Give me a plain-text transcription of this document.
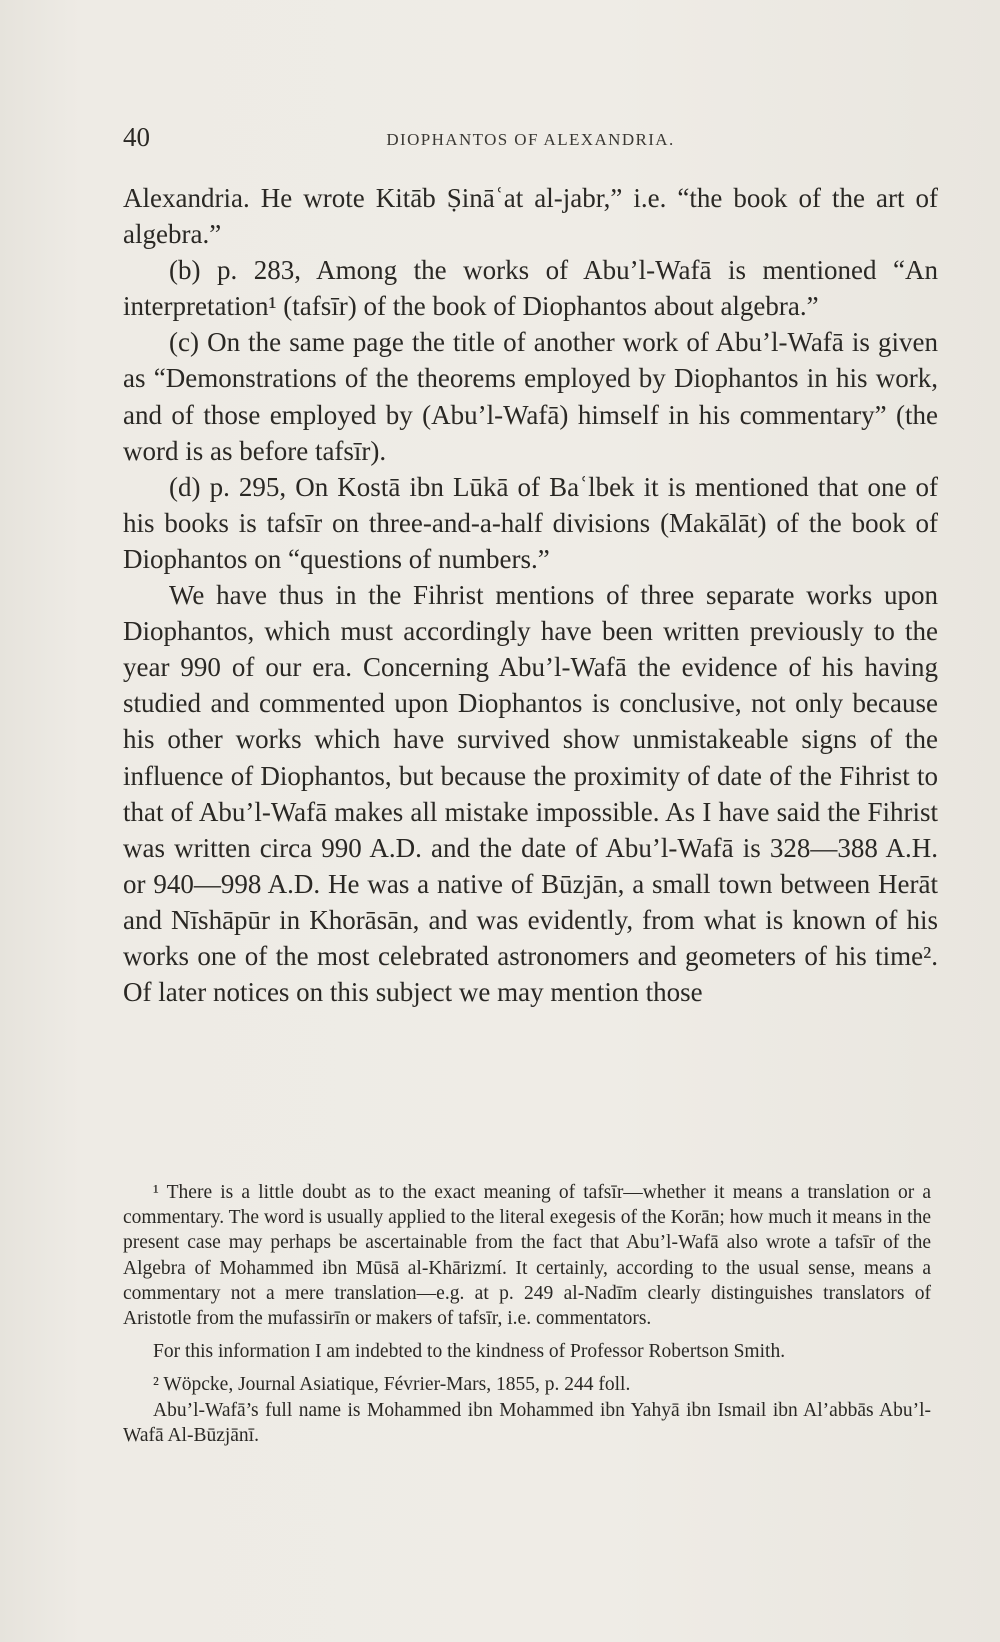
40	DIOPHANTOS OF ALEXANDRIA.

Alexandria. He wrote Kitāb Ṣināʿat al-jabr,” i.e. “the book of the art of algebra.”

(b) p. 283, Among the works of Abu’l-Wafā is mentioned “An interpretation¹ (tafsīr) of the book of Diophantos about algebra.”

(c) On the same page the title of another work of Abu’l-Wafā is given as “Demonstrations of the theorems employed by Diophantos in his work, and of those employed by (Abu’l-Wafā) himself in his commentary” (the word is as before tafsīr).

(d) p. 295, On Kostā ibn Lūkā of Baʿlbek it is mentioned that one of his books is tafsīr on three-and-a-half divisions (Makālāt) of the book of Diophantos on “questions of numbers.”

We have thus in the Fihrist mentions of three separate works upon Diophantos, which must accordingly have been written previously to the year 990 of our era. Concerning Abu’l-Wafā the evidence of his having studied and commented upon Diophantos is conclusive, not only because his other works which have survived show unmistakeable signs of the influence of Diophantos, but because the proximity of date of the Fihrist to that of Abu’l-Wafā makes all mistake impossible. As I have said the Fihrist was written circa 990 A.D. and the date of Abu’l-Wafā is 328—388 A.H. or 940—998 A.D. He was a native of Būzjān, a small town between Herāt and Nīshāpūr in Khorāsān, and was evidently, from what is known of his works one of the most celebrated astronomers and geometers of his time². Of later notices on this subject we may mention those

¹ There is a little doubt as to the exact meaning of tafsīr—whether it means a translation or a commentary. The word is usually applied to the literal exegesis of the Korān; how much it means in the present case may perhaps be ascertainable from the fact that Abu’l-Wafā also wrote a tafsīr of the Algebra of Mohammed ibn Mūsā al-Khārizmí. It certainly, according to the usual sense, means a commentary not a mere translation—e.g. at p. 249 al-Nadīm clearly distinguishes translators of Aristotle from the mufassirīn or makers of tafsīr, i.e. commentators.

For this information I am indebted to the kindness of Professor Robertson Smith.

² Wöpcke, Journal Asiatique, Février-Mars, 1855, p. 244 foll.

Abu’l-Wafā’s full name is Mohammed ibn Mohammed ibn Yahyā ibn Ismail ibn Al’abbās Abu’l-Wafā Al-Būzjānī.
